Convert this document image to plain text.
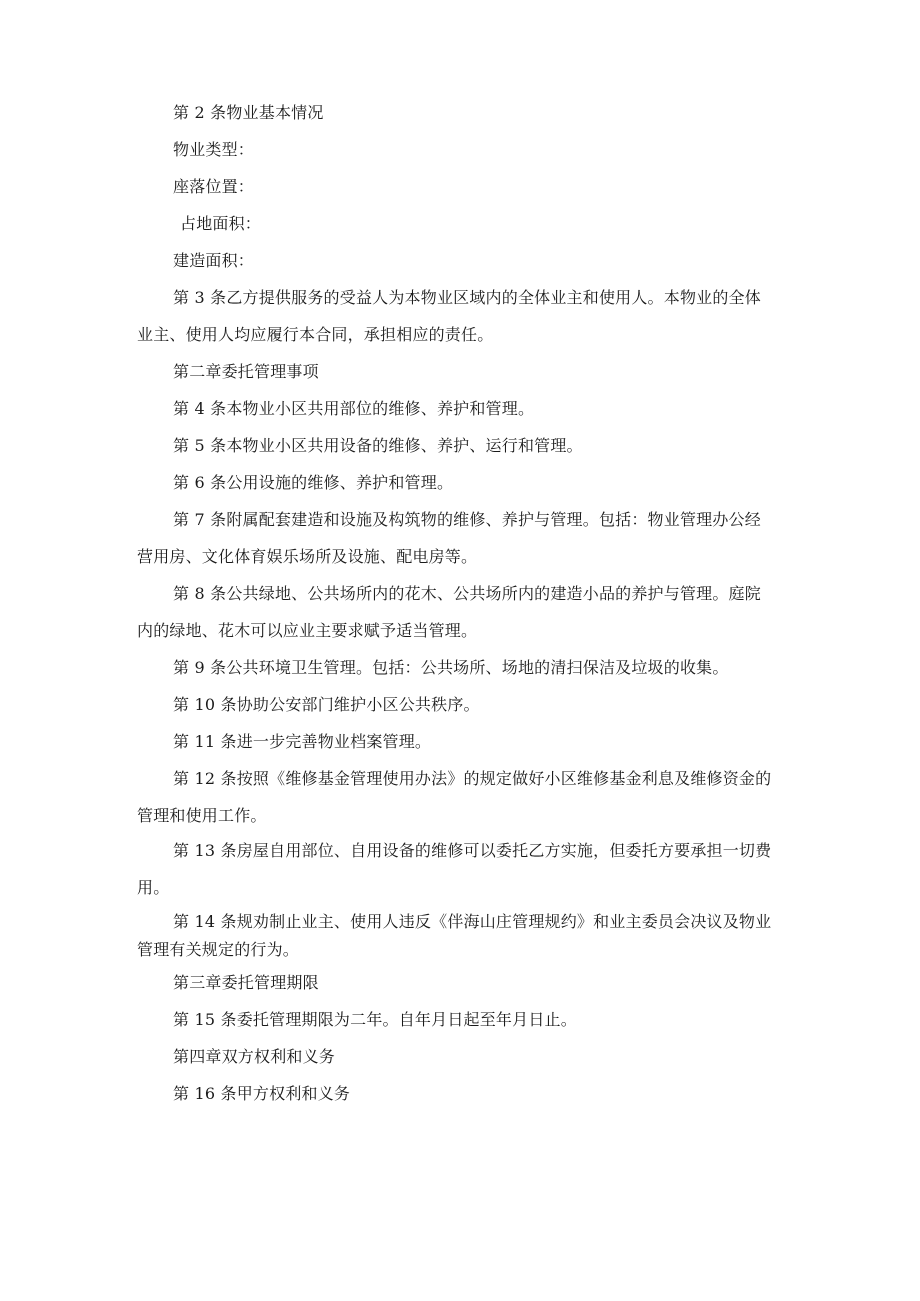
第 2 条物业基本情况

物业类型：

座落位置：

占地面积：

建造面积：

第 3 条乙方提供服务的受益人为本物业区域内的全体业主和使用人。本物业的全体业主、使用人均应履行本合同，承担相应的责任。

第二章委托管理事项

第 4 条本物业小区共用部位的维修、养护和管理。

第 5 条本物业小区共用设备的维修、养护、运行和管理。

第 6 条公用设施的维修、养护和管理。

第 7 条附属配套建造和设施及构筑物的维修、养护与管理。包括：物业管理办公经营用房、文化体育娱乐场所及设施、配电房等。

第 8 条公共绿地、公共场所内的花木、公共场所内的建造小品的养护与管理。庭院内的绿地、花木可以应业主要求赋予适当管理。

第 9 条公共环境卫生管理。包括：公共场所、场地的清扫保洁及垃圾的收集。

第 10 条协助公安部门维护小区公共秩序。

第 11 条进一步完善物业档案管理。

第 12 条按照《维修基金管理使用办法》的规定做好小区维修基金利息及维修资金的管理和使用工作。

第 13 条房屋自用部位、自用设备的维修可以委托乙方实施，但委托方要承担一切费用。

第 14 条规劝制止业主、使用人违反《伴海山庄管理规约》和业主委员会决议及物业管理有关规定的行为。

第三章委托管理期限

第 15 条委托管理期限为二年。自年月日起至年月日止。

第四章双方权利和义务

第 16 条甲方权利和义务
